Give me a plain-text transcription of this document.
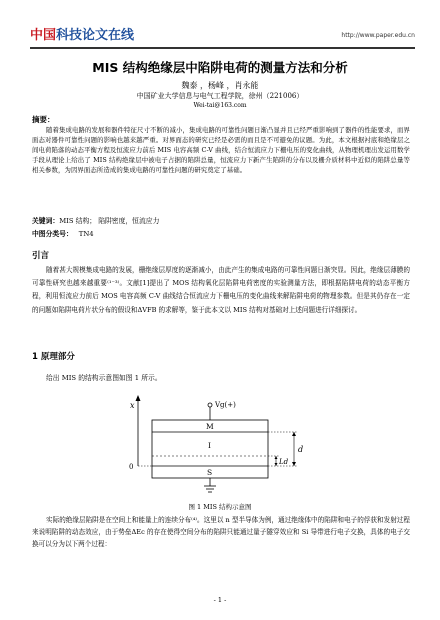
中国科技论文在线	http://www.paper.edu.cn
MIS 结构绝缘层中陷阱电荷的测量方法和分析
魏泰 ，杨峰 ，肖永能
中国矿业大学信息与电气工程学院，徐州（221006）
Wei-tai@163.com
摘要：
随着集成电路的发展和器件特征尺寸不断的减小，集成电路的可靠性问题日渐凸显并且已经严重影响到了器件的性能要求，而界面态对器件可靠性问题的影响也越来越严重。对界面态的研究已经是必需的而且是不可避免的议题。为此，本文根据衬底和绝缘层之间电荷陷落的动态平衡方程及恒流应力前后 MIS 电容高频 C-V 曲线，结合恒流应力下栅电压的变化曲线，从物理机理出发运用数学手段从理论上给出了 MIS 结构绝缘层中被电子占据的陷阱总量，恒流应力下新产生陷阱的分布以及栅介质材料中近似的陷阱总量等相关参数，为因界面态所造成的集成电路的可靠性问题的研究奠定了基础。
关键词：MIS 结构； 陷阱密度，恒流应力
中图分类号： TN4
引言
随着甚大规模集成电路的发展，栅绝缘层厚度的逐渐减小，由此产生的集成电路的可靠性问题日渐突显。因此，绝缘层薄膜的可靠性研究也越来越重要⁽¹⁻³⁾。文献[1]提出了 MOS 结构氧化层陷阱电荷密度的实验测量方法，即根据陷阱电荷的动态平衡方程，利用恒流应力前后 MOS 电容高频 C-V 曲线结合恒流应力下栅电压的变化曲线来解陷阱电荷的物理参数。但是其仍存在一定的问题如陷阱电荷片状分布的假设和ΔVFB 的求解等，鉴于此本文以 MIS 结构对基础对上述问题进行详细探讨。
1 原理部分
给出 MIS 的结构示意图如图 1 所示。
x
0
Vg(+)
M
I
S
d
Ld
图 1 MIS 结构示意图
实际的绝缘层陷阱是在空间上和能量上的连续分布⁽⁴⁾。这里以 n 型半导体为例，通过绝缘体中的陷阱和电子的俘获和发射过程来说明陷阱的动态效应，由于势垒ΔEc 的存在使得空间分布的陷阱只能通过量子隧穿效应和 Si 导带进行电子交换，具体的电子交换可以分为以下两个过程：
- 1 -
